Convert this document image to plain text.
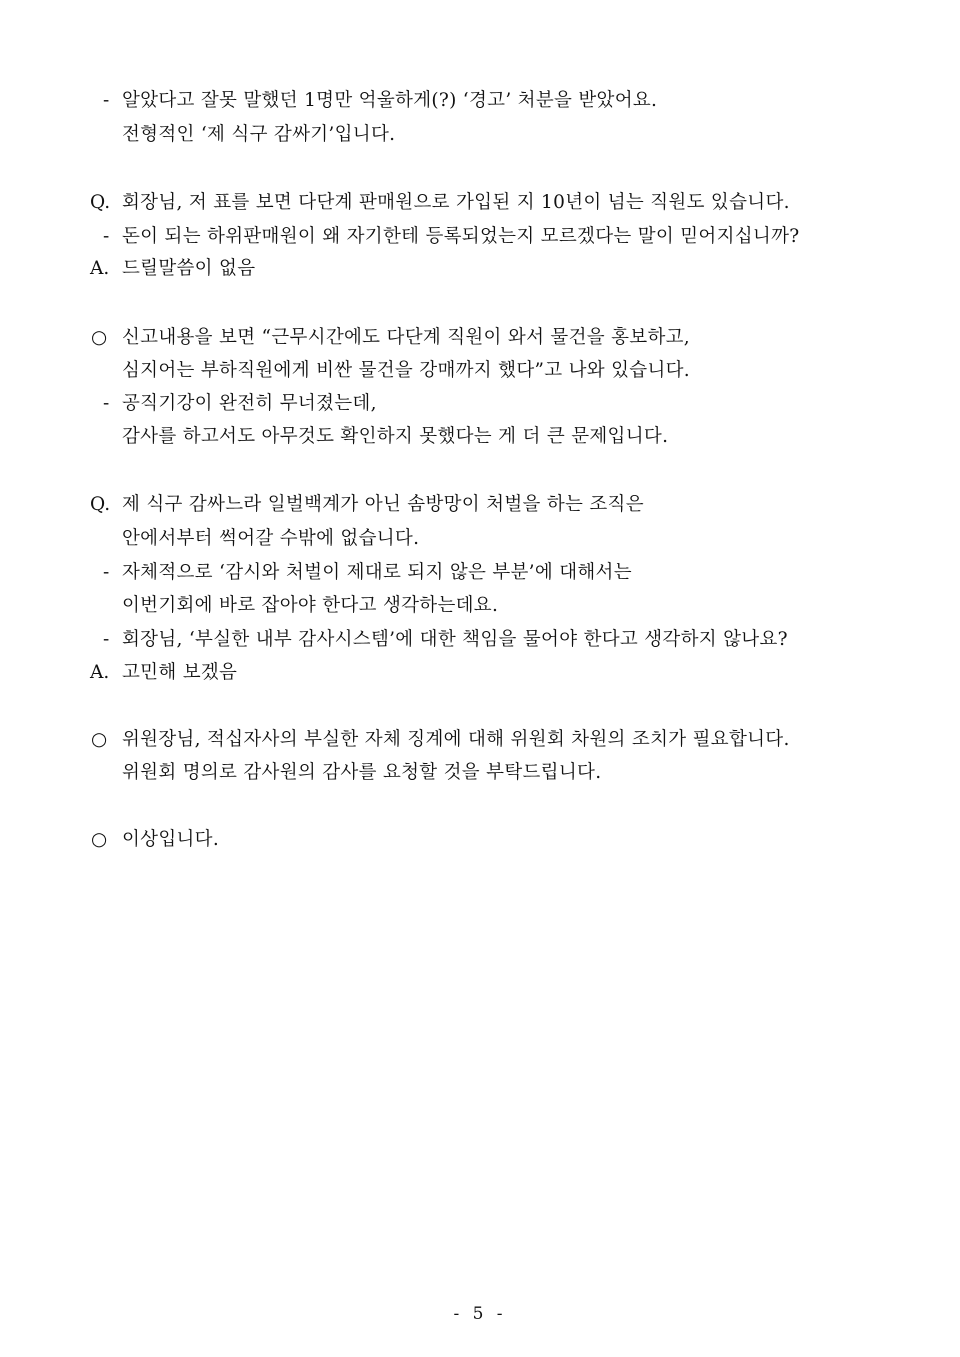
- 알았다고 잘못 말했던 1명만 억울하게(?) ‘경고’ 처분을 받았어요.
전형적인 ‘제 식구 감싸기’입니다.
Q. 회장님, 저 표를 보면 다단계 판매원으로 가입된 지 10년이 넘는 직원도 있습니다.
- 돈이 되는 하위판매원이 왜 자기한테 등록되었는지 모르겠다는 말이 믿어지십니까?
A. 드릴말씀이 없음
○ 신고내용을 보면 “근무시간에도 다단계 직원이 와서 물건을 홍보하고,
심지어는 부하직원에게 비싼 물건을 강매까지 했다”고 나와 있습니다.
- 공직기강이 완전히 무너졌는데,
감사를 하고서도 아무것도 확인하지 못했다는 게 더 큰 문제입니다.
Q. 제 식구 감싸느라 일벌백계가 아닌 솜방망이 처벌을 하는 조직은
안에서부터 썩어갈 수밖에 없습니다.
- 자체적으로 ‘감시와 처벌이 제대로 되지 않은 부분’에 대해서는
이번기회에 바로 잡아야 한다고 생각하는데요.
- 회장님, ‘부실한 내부 감사시스템’에 대한 책임을 물어야 한다고 생각하지 않나요?
A. 고민해 보겠음
○ 위원장님, 적십자사의 부실한 자체 징계에 대해 위원회 차원의 조치가 필요합니다.
위원회 명의로 감사원의 감사를 요청할 것을 부탁드립니다.
○ 이상입니다.
- 5 -
